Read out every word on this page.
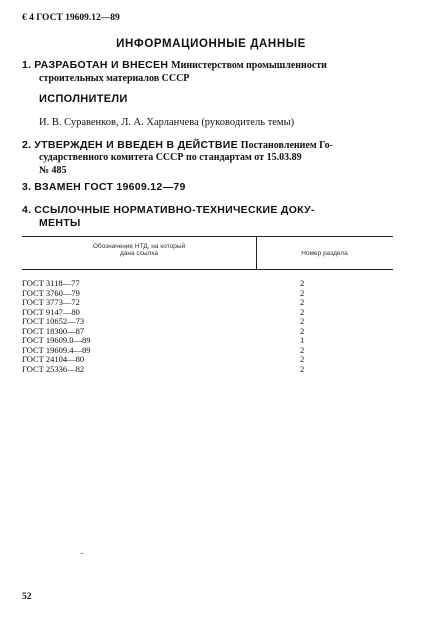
€ 4 ГОСТ 19609.12—89
ИНФОРМАЦИОННЫЕ ДАННЫЕ
1. РАЗРАБОТАН И ВНЕСЕН Министерством промышленности
строительных материалов СССР
ИСПОЛНИТЕЛИ
И. В. Суравенков, Л. А. Харланчева (руководитель темы)
2. УТВЕРЖДЕН И ВВЕДЕН В ДЕЙСТВИЕ Постановлением Го-
сударственного комитета СССР по стандартам от 15.03.89
№ 485
3. ВЗАМЕН ГОСТ 19609.12—79
4. ССЫЛОЧНЫЕ НОРМАТИВНО-ТЕХНИЧЕСКИЕ ДОКУ-
МЕНТЫ
Обозначение НТД, на который
дана ссылка	Номер раздела
ГОСТ 3118—77
ГОСТ 3760—79
ГОСТ 3773—72
ГОСТ 9147—80
ГОСТ 10652—73
ГОСТ 18300—87
ГОСТ 19609.0—89
ГОСТ 19609.4—89
ГОСТ 24104—80
ГОСТ 25336—82
2
2
2
2
2
2
1
2
2
2
52
